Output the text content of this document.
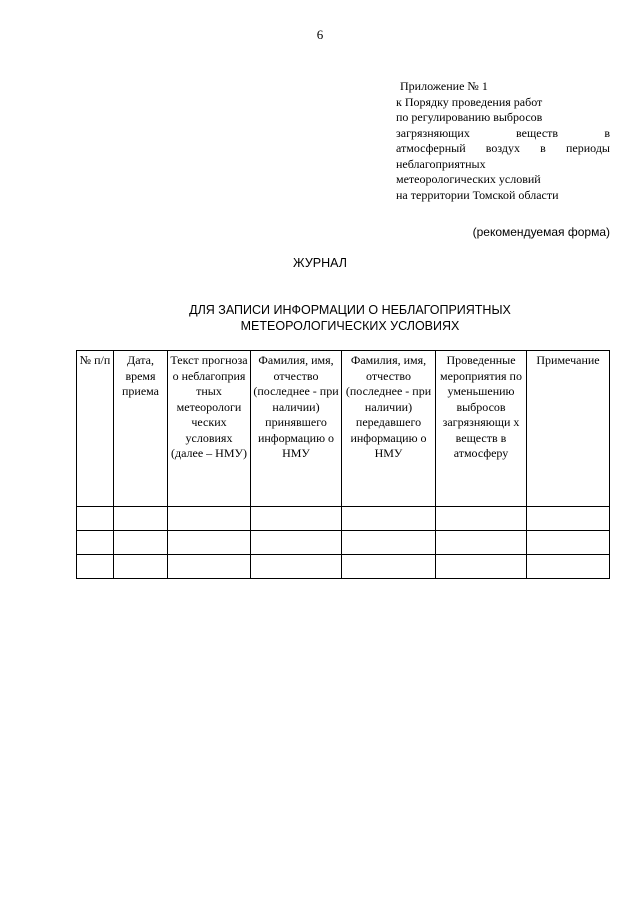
6
Приложение № 1
к Порядку проведения работ
по регулированию выбросов
загрязняющих веществ в
атмосферный воздух в периоды
неблагоприятных
метеорологических условий
на территории Томской области
(рекомендуемая форма)
ЖУРНАЛ
ДЛЯ ЗАПИСИ ИНФОРМАЦИИ О НЕБЛАГОПРИЯТНЫХ МЕТЕОРОЛОГИЧЕСКИХ УСЛОВИЯХ
№ п/п	Дата, время приема	Текст прогноза о неблагоприя тных метеорологи ческих условиях (далее – НМУ)	Фамилия, имя, отчество (последнее - при наличии) принявшего информацию о НМУ	Фамилия, имя, отчество (последнее - при наличии) передавшего информацию о НМУ	Проведенные мероприятия по уменьшению выбросов загрязняющи х веществ в атмосферу	Примечание
